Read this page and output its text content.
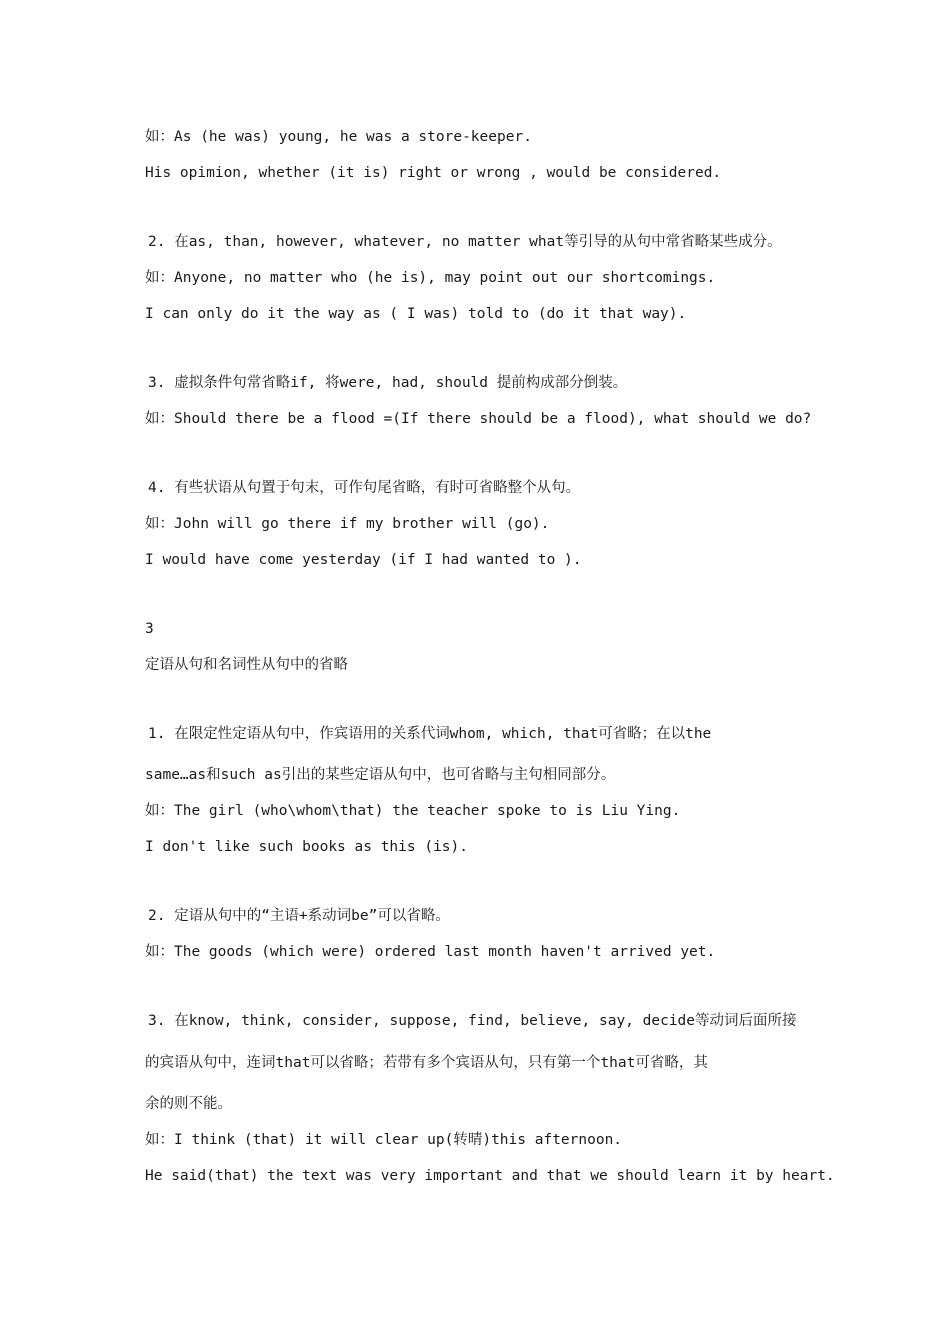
如：As (he was) young, he was a store-keeper.
His opimion, whether (it is) right or wrong , would be considered.
2. 在as, than, however, whatever, no matter what等引导的从句中常省略某些成分。
如：Anyone, no matter who (he is), may point out our shortcomings.
I can only do it the way as ( I was) told to (do it that way).
3. 虚拟条件句常省略if, 将were, had, should 提前构成部分倒装。
如：Should there be a flood =(If there should be a flood), what should we do?
4. 有些状语从句置于句末，可作句尾省略，有时可省略整个从句。
如：John will go there if my brother will (go).
I would have come yesterday (if I had wanted to ).
3
定语从句和名词性从句中的省略
1. 在限定性定语从句中，作宾语用的关系代词whom, which, that可省略；在以the
same…as和such as引出的某些定语从句中，也可省略与主句相同部分。
如：The girl (who\whom\that) the teacher spoke to is Liu Ying.
I don't like such books as this (is).
2. 定语从句中的“主语+系动词be”可以省略。
如：The goods (which were) ordered last month haven't arrived yet.
3. 在know, think, consider, suppose, find, believe, say, decide等动词后面所接
的宾语从句中，连词that可以省略；若带有多个宾语从句，只有第一个that可省略，其
余的则不能。
如：I think (that) it will clear up(转晴)this afternoon.
He said(that) the text was very important and that we should learn it by heart.
